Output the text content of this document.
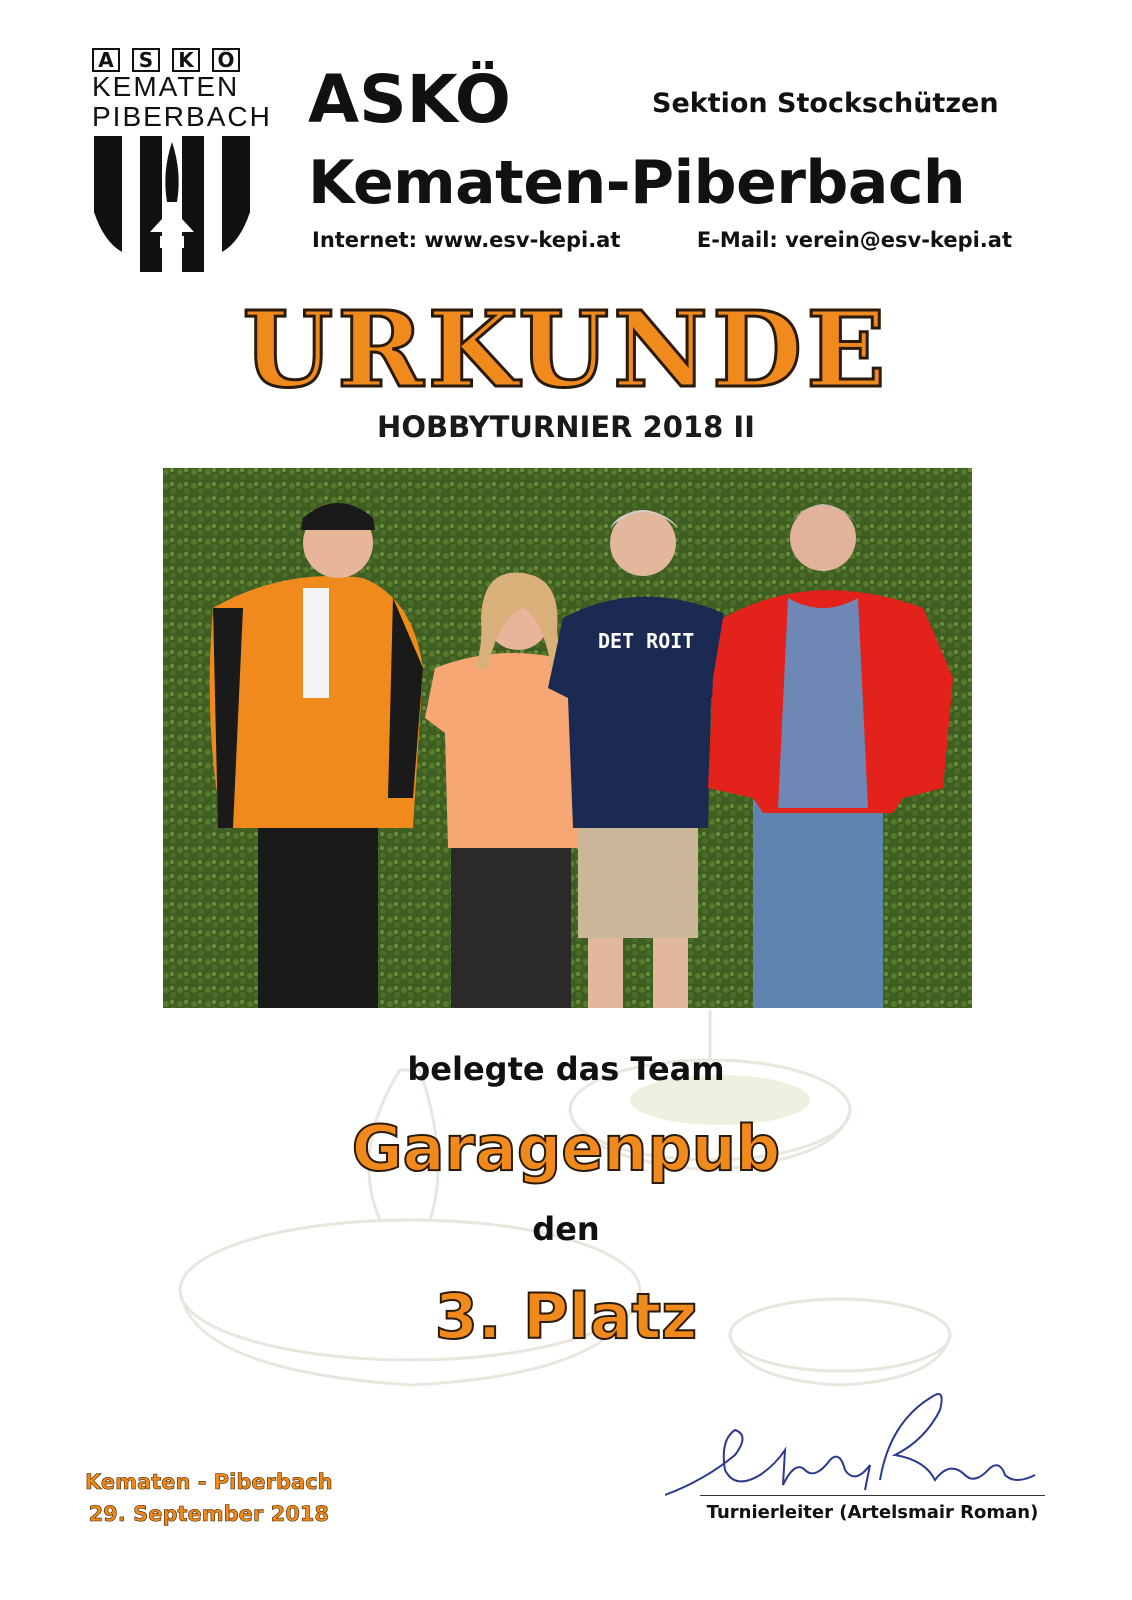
A	S	K	Ö
KEMATEN
PIBERBACH ASKÖ	Sektion Stockschützen
Kematen-Piberbach
Internet: www.esv-kepi.at	E-Mail: verein@esv-kepi.at
URKUNDE
HOBBYTURNIER 2018 II
DET ROIT
belegte das Team
Garagenpub
den
3. Platz
Kematen - Piberbach
29. September 2018	Turnierleiter (Artelsmair Roman)
